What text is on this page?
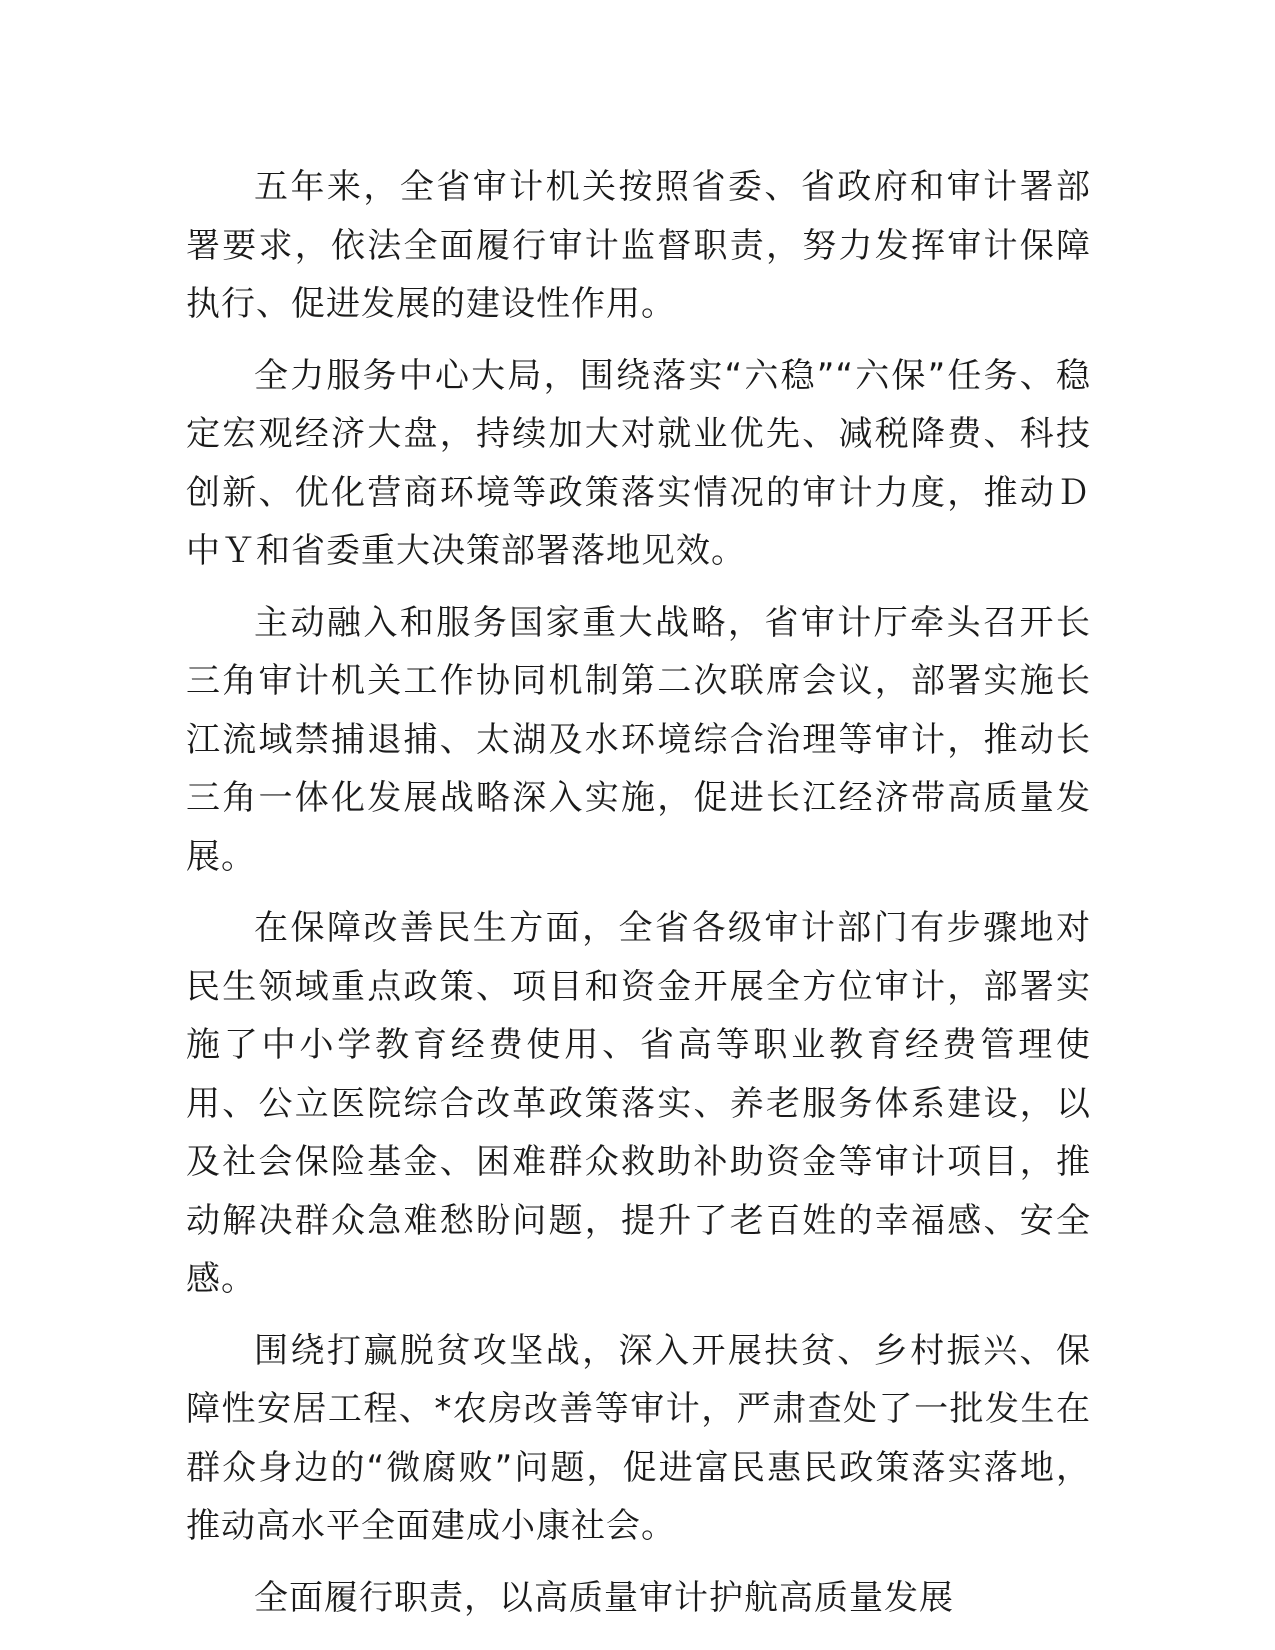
五年来，全省审计机关按照省委、省政府和审计署部署要求，依法全面履行审计监督职责，努力发挥审计保障执行、促进发展的建设性作用。

全力服务中心大局，围绕落实“六稳”“六保”任务、稳定宏观经济大盘，持续加大对就业优先、减税降费、科技创新、优化营商环境等政策落实情况的审计力度，推动Ｄ中Ｙ和省委重大决策部署落地见效。

主动融入和服务国家重大战略，省审计厅牵头召开长三角审计机关工作协同机制第二次联席会议，部署实施长江流域禁捕退捕、太湖及水环境综合治理等审计，推动长三角一体化发展战略深入实施，促进长江经济带高质量发展。

在保障改善民生方面，全省各级审计部门有步骤地对民生领域重点政策、项目和资金开展全方位审计，部署实施了中小学教育经费使用、省高等职业教育经费管理使用、公立医院综合改革政策落实、养老服务体系建设，以及社会保险基金、困难群众救助补助资金等审计项目，推动解决群众急难愁盼问题，提升了老百姓的幸福感、安全感。

围绕打赢脱贫攻坚战，深入开展扶贫、乡村振兴、保障性安居工程、*农房改善等审计，严肃查处了一批发生在群众身边的“微腐败”问题，促进富民惠民政策落实落地，推动高水平全面建成小康社会。

全面履行职责，以高质量审计护航高质量发展
